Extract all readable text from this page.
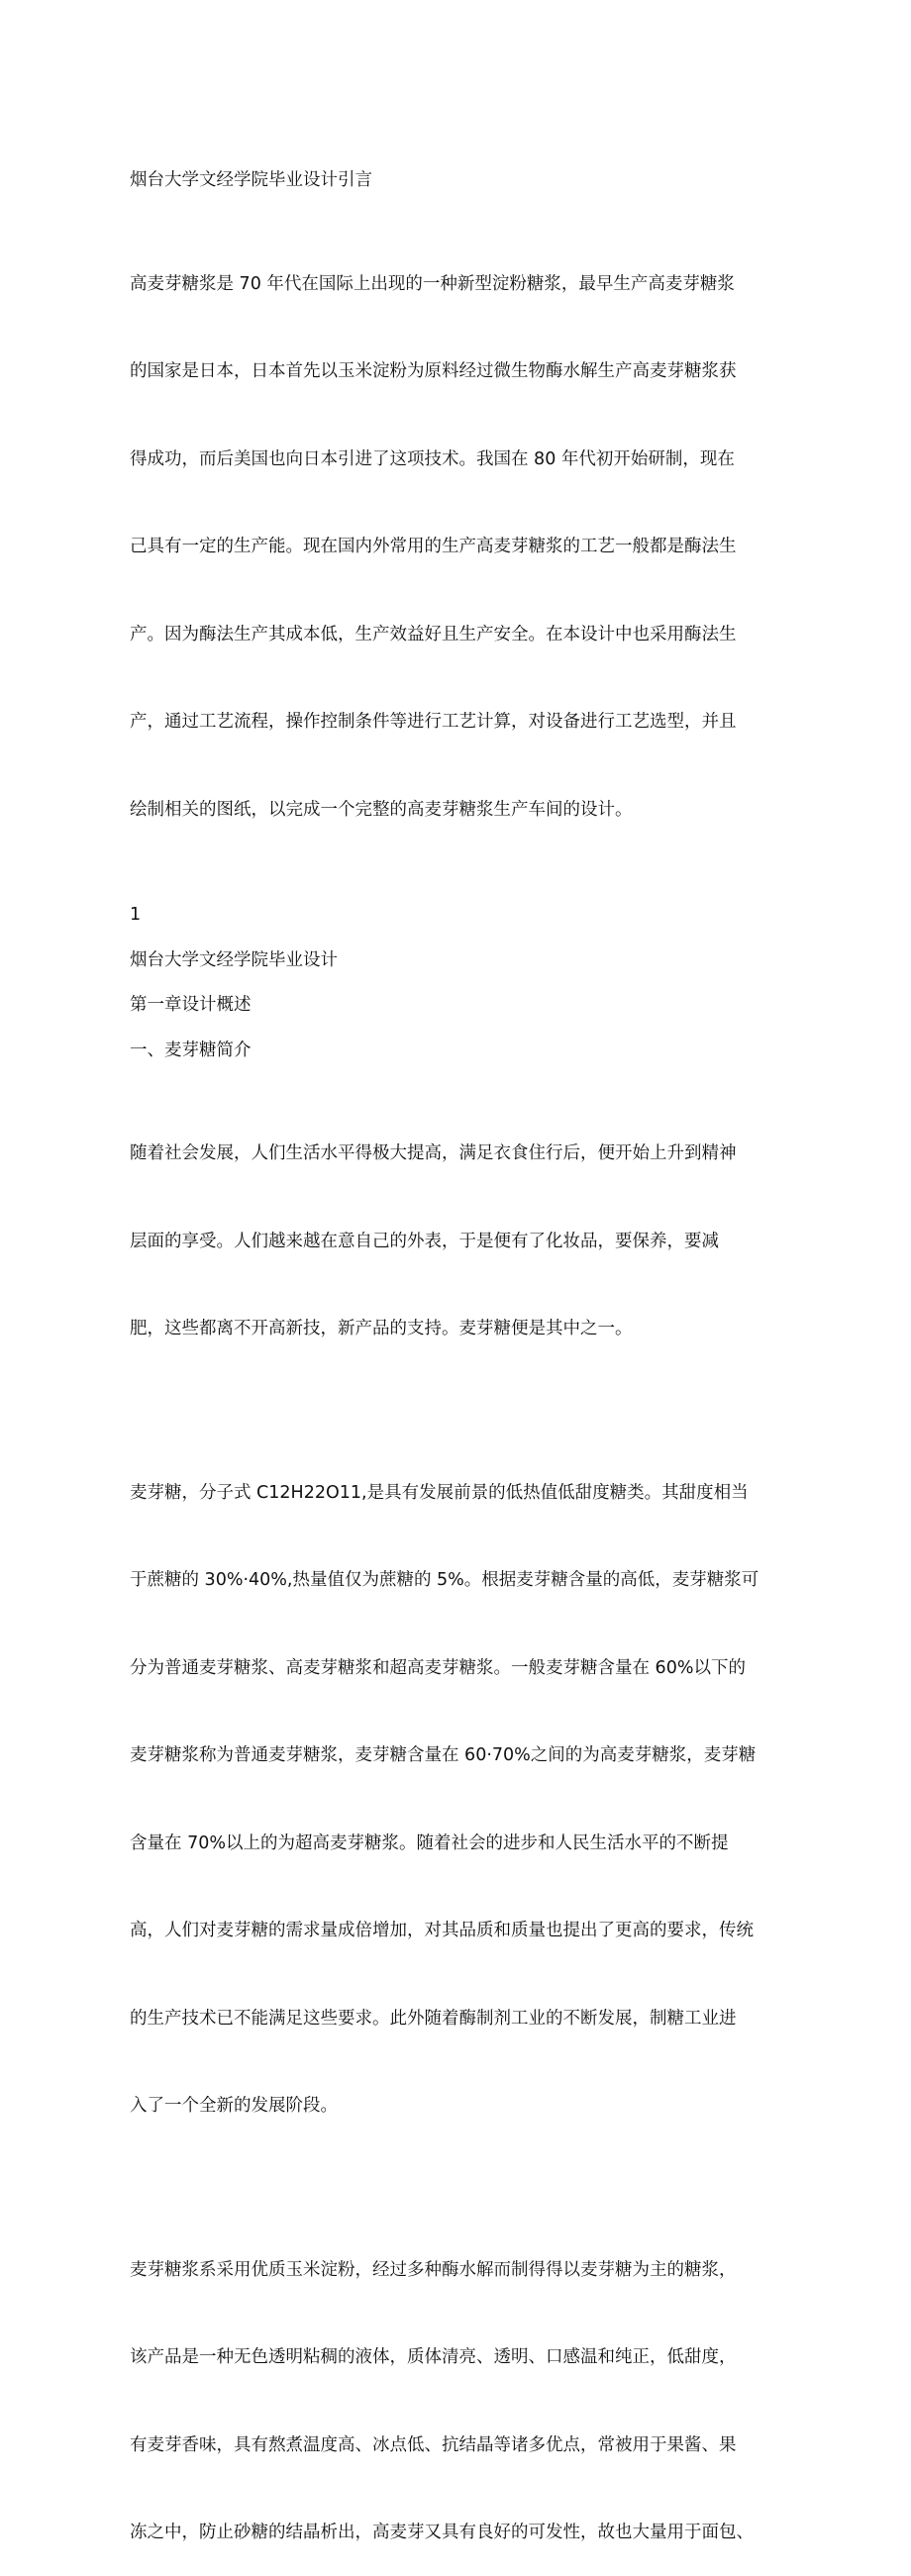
烟台大学文经学院毕业设计引言

高麦芽糖浆是 70 年代在国际上出现的一种新型淀粉糖浆，最早生产高麦芽糖浆

的国家是日本，日本首先以玉米淀粉为原料经过微生物酶水解生产高麦芽糖浆获

得成功，而后美国也向日本引进了这项技术。我国在 80 年代初开始研制，现在

己具有一定的生产能。现在国内外常用的生产高麦芽糖浆的工艺一般都是酶法生

产。因为酶法生产其成本低，生产效益好且生产安全。在本设计中也采用酶法生

产，通过工艺流程，操作控制条件等进行工艺计算，对设备进行工艺选型，并且

绘制相关的图纸，以完成一个完整的高麦芽糖浆生产车间的设计。

1

烟台大学文经学院毕业设计

第一章设计概述

一、麦芽糖简介

随着社会发展，人们生活水平得极大提高，满足衣食住行后，便开始上升到精神

层面的享受。人们越来越在意自己的外表，于是便有了化妆品，要保养，要减

肥，这些都离不开高新技，新产品的支持。麦芽糖便是其中之一。

麦芽糖，分子式 C12H22O11,是具有发展前景的低热值低甜度糖类。其甜度相当

于蔗糖的 30%·40%,热量值仅为蔗糖的 5%。根据麦芽糖含量的高低，麦芽糖浆可

分为普通麦芽糖浆、高麦芽糖浆和超高麦芽糖浆。一般麦芽糖含量在 60%以下的

麦芽糖浆称为普通麦芽糖浆，麦芽糖含量在 60·70%之间的为高麦芽糖浆，麦芽糖

含量在 70%以上的为超高麦芽糖浆。随着社会的进步和人民生活水平的不断提

高，人们对麦芽糖的需求量成倍增加，对其品质和质量也提出了更高的要求，传统

的生产技术已不能满足这些要求。此外随着酶制剂工业的不断发展，制糖工业进

入了一个全新的发展阶段。

麦芽糖浆系采用优质玉米淀粉，经过多种酶水解而制得得以麦芽糖为主的糖浆，

该产品是一种无色透明粘稠的液体，质体清亮、透明、口感温和纯正，低甜度，

有麦芽香味，具有熬煮温度高、冰点低、抗结晶等诸多优点，常被用于果酱、果

冻之中，防止砂糖的结晶析出，高麦芽又具有良好的可发性，故也大量用于面包、
